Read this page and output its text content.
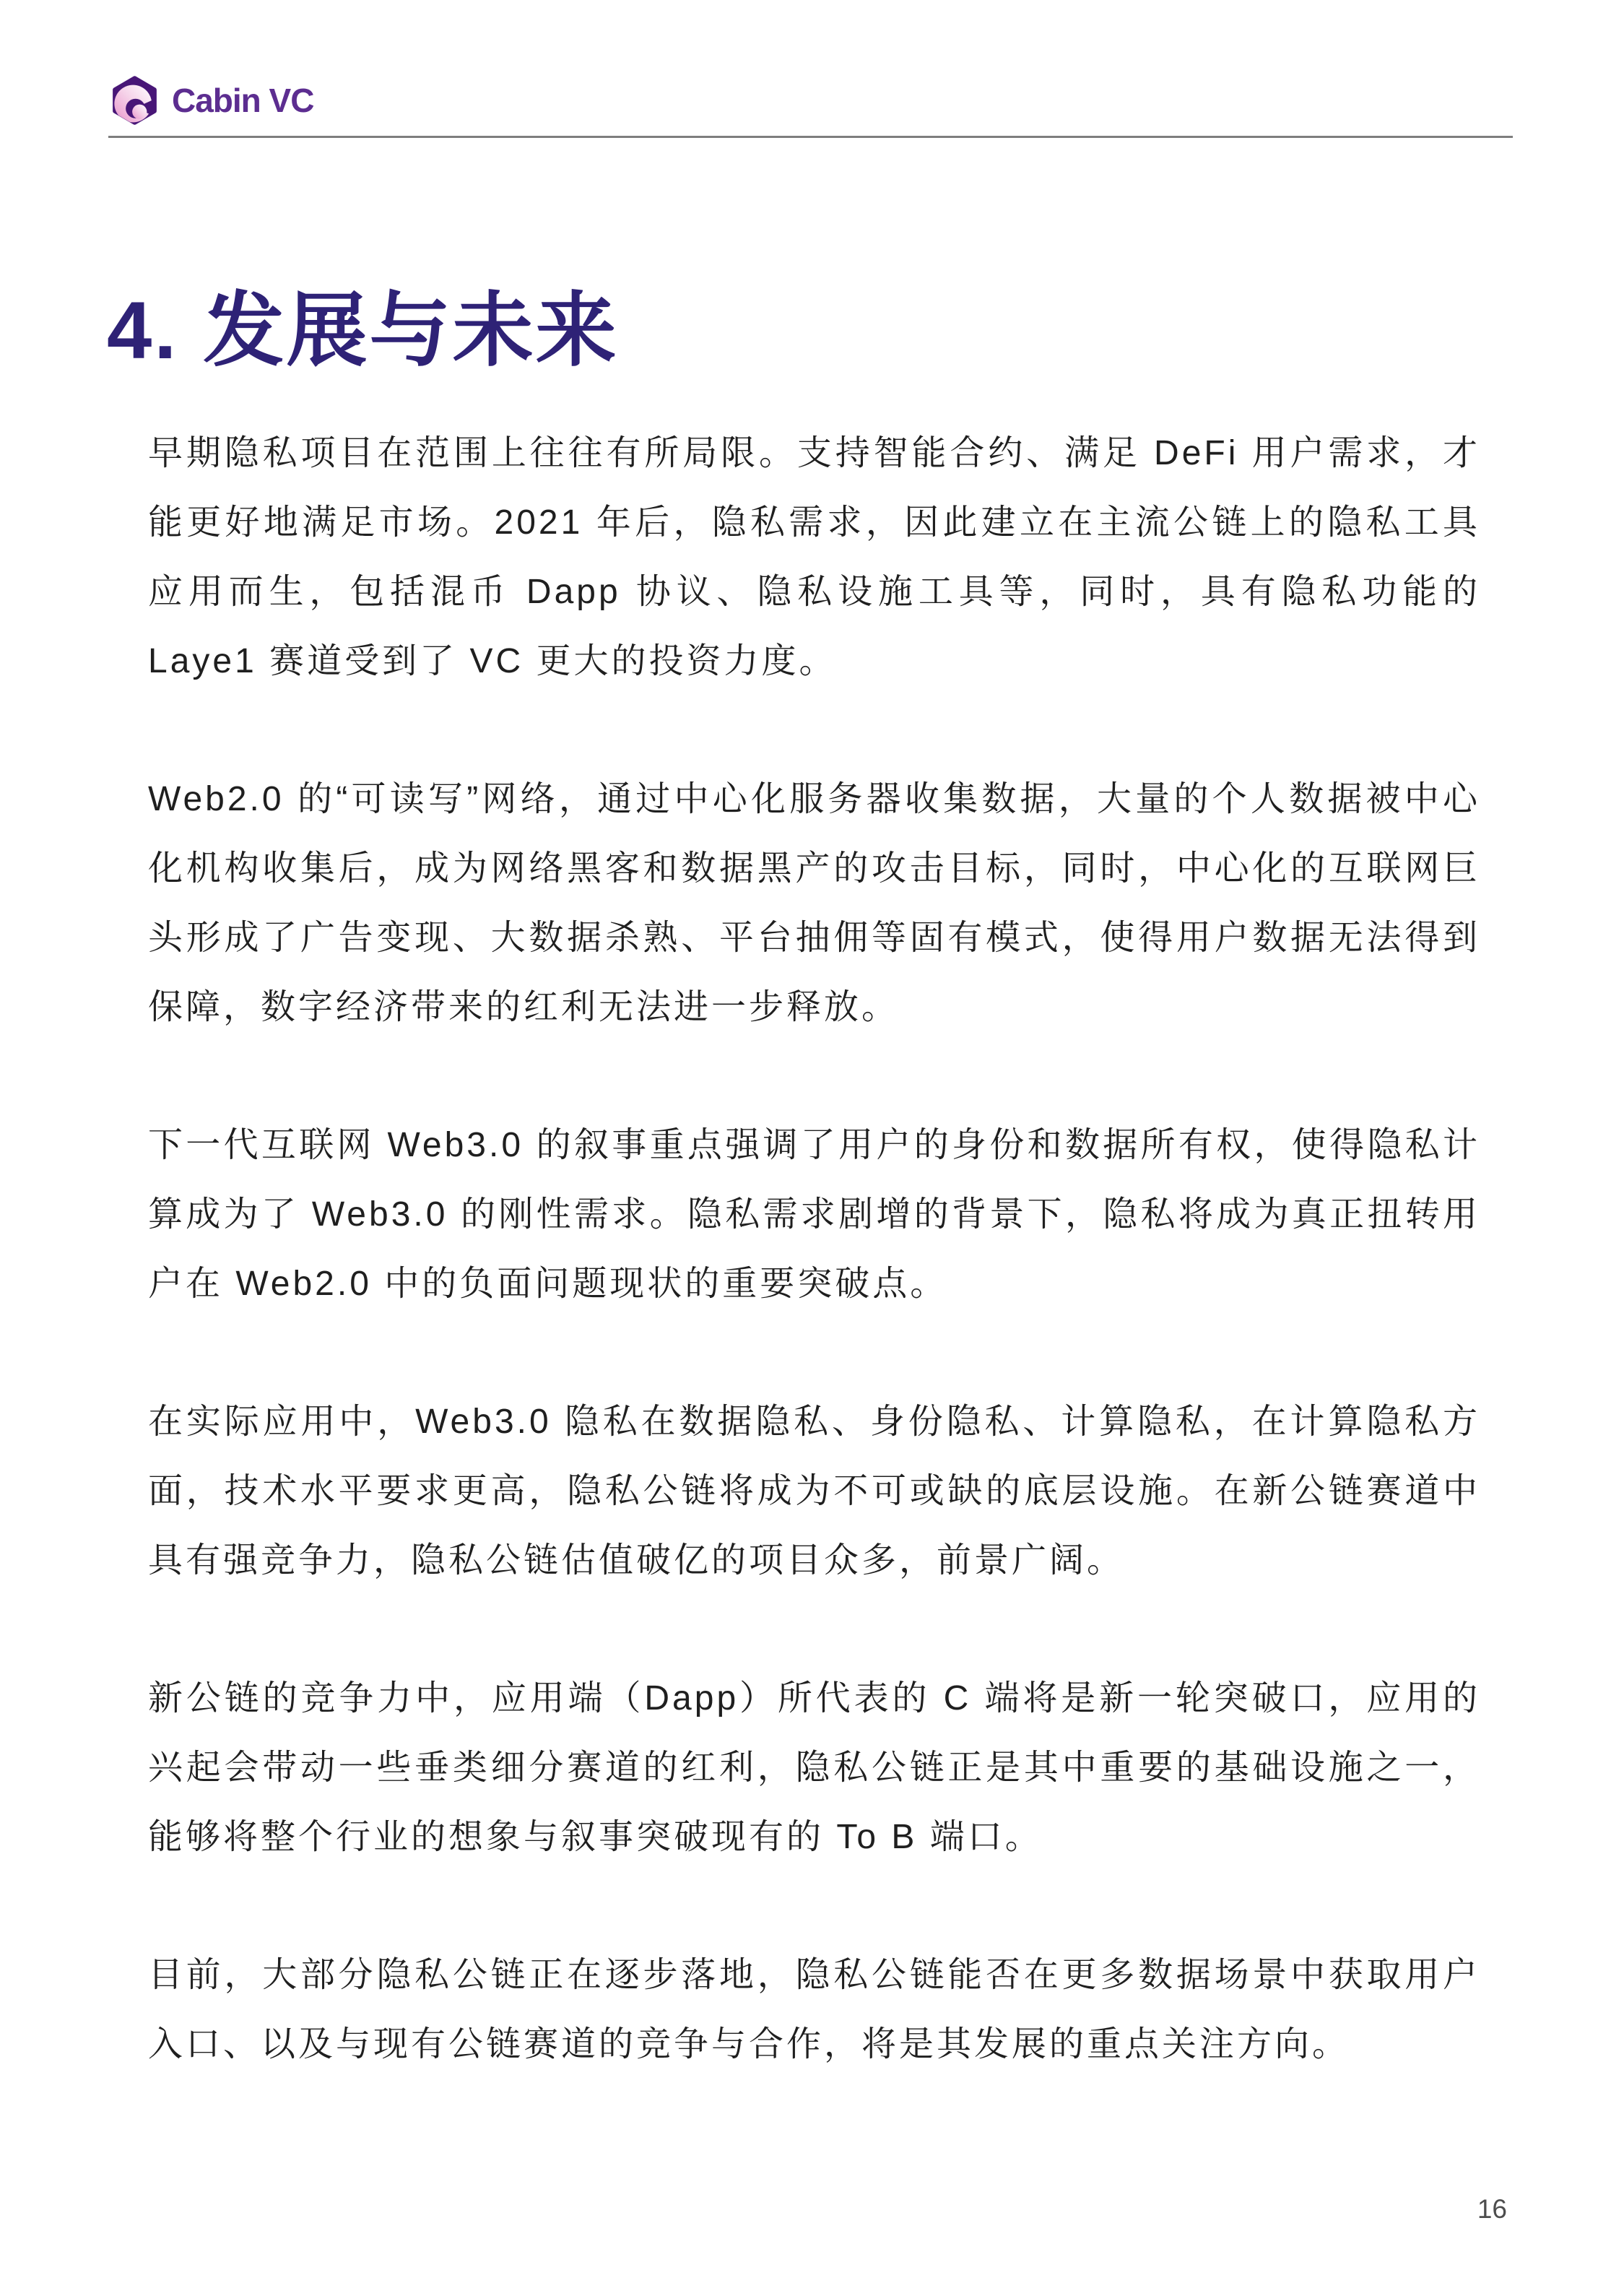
Cabin VC
4. 发展与未来

早期隐私项目在范围上往往有所局限。支持智能合约、满足 DeFi 用户需求，才能更好地满足市场。2021 年后，隐私需求，因此建立在主流公链上的隐私工具应用而生，包括混币 Dapp 协议、隐私设施工具等，同时，具有隐私功能的 Laye1 赛道受到了 VC 更大的投资力度。

Web2.0 的“可读写”网络，通过中心化服务器收集数据，大量的个人数据被中心化机构收集后，成为网络黑客和数据黑产的攻击目标，同时，中心化的互联网巨头形成了广告变现、大数据杀熟、平台抽佣等固有模式，使得用户数据无法得到保障，数字经济带来的红利无法进一步释放。

下一代互联网 Web3.0 的叙事重点强调了用户的身份和数据所有权，使得隐私计算成为了 Web3.0 的刚性需求。隐私需求剧增的背景下，隐私将成为真正扭转用户在 Web2.0 中的负面问题现状的重要突破点。

在实际应用中，Web3.0 隐私在数据隐私、身份隐私、计算隐私，在计算隐私方面，技术水平要求更高，隐私公链将成为不可或缺的底层设施。在新公链赛道中具有强竞争力，隐私公链估值破亿的项目众多，前景广阔。

新公链的竞争力中，应用端（Dapp）所代表的 C 端将是新一轮突破口，应用的兴起会带动一些垂类细分赛道的红利，隐私公链正是其中重要的基础设施之一，能够将整个行业的想象与叙事突破现有的 To B 端口。

目前，大部分隐私公链正在逐步落地，隐私公链能否在更多数据场景中获取用户入口、以及与现有公链赛道的竞争与合作，将是其发展的重点关注方向。

16
